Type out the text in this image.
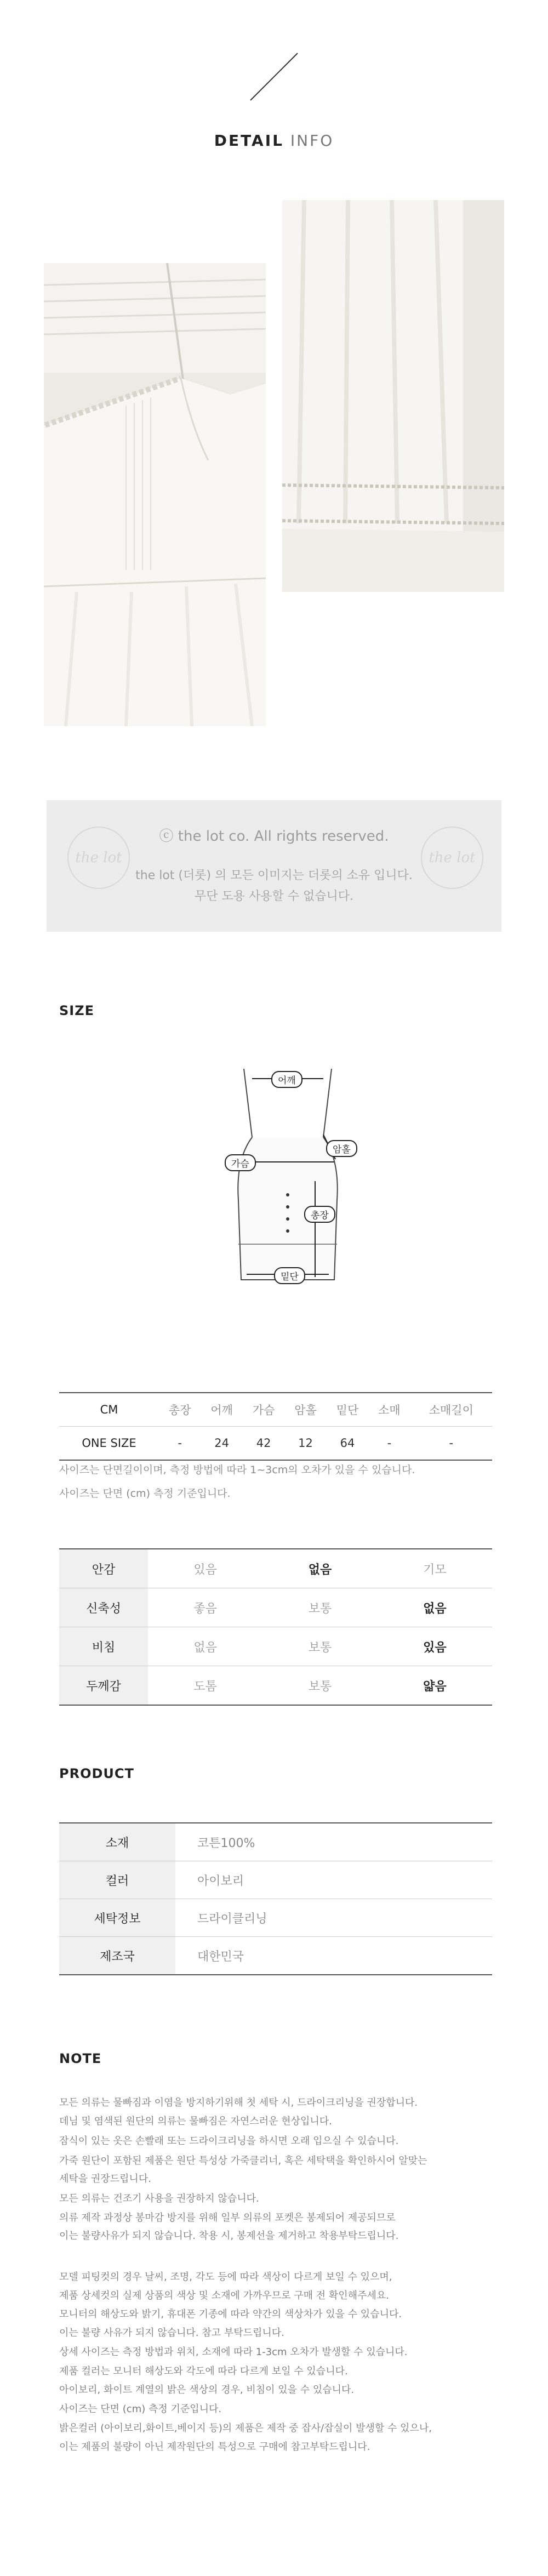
DETAIL INFO
the lot	the lot
ⓒ the lot co. All rights reserved.
the lot (더롯) 의 모든 이미지는 더롯의 소유 입니다.
무단 도용 사용할 수 없습니다.
SIZE
어깨
가슴
암홀
총장
밑단
CM	총장	어깨	가슴	암홀	밑단	소매	소매길이
ONE SIZE	-	24	42	12	64	-	-
사이즈는 단면길이이며, 측정 방법에 따라 1~3cm의 오차가 있을 수 있습니다.
사이즈는 단면 (cm) 측정 기준입니다.
안감	있음	없음	기모
신축성	좋음	보통	없음
비침	없음	보통	있음
두께감	도톰	보통	얇음
PRODUCT
소재	코튼100%
컬러	아이보리
세탁정보	드라이클리닝
제조국	대한민국
NOTE
모든 의류는 물빠짐과 이염을 방지하기위해 첫 세탁 시, 드라이크리닝을 권장합니다.
데님 및 염색된 원단의 의류는 물빠짐은 자연스러운 현상입니다.
잠식이 있는 옷은 손빨래 또는 드라이크리닝을 하시면 오래 입으실 수 있습니다.
가죽 원단이 포함된 제품은 원단 특성상 가죽클리너, 혹은 세탁택을 확인하시어 알맞는
세탁을 권장드립니다.
모든 의류는 건조기 사용을 권장하지 않습니다.
의류 제작 과정상 봉마감 방지를 위해 일부 의류의 포켓은 봉제되어 제공되므로
이는 불량사유가 되지 않습니다. 착용 시, 봉제선을 제거하고 착용부탁드립니다.
모델 피팅컷의 경우 날씨, 조명, 각도 등에 따라 색상이 다르게 보일 수 있으며,
제품 상세컷의 실제 상품의 색상 및 소재에 가까우므로 구매 전 확인해주세요.
모니터의 해상도와 밝기, 휴대폰 기종에 따라 약간의 색상차가 있을 수 있습니다.
이는 불량 사유가 되지 않습니다. 참고 부탁드립니다.
상세 사이즈는 측정 방법과 위치, 소재에 따라 1-3cm 오차가 발생할 수 있습니다.
제품 컬러는 모니터 해상도와 각도에 따라 다르게 보일 수 있습니다.
아이보리, 화이트 계열의 밝은 색상의 경우, 비침이 있을 수 있습니다.
사이즈는 단면 (cm) 측정 기준입니다.
밝은컬러 (아이보리,화이트,베이지 등)의 제품은 제작 중 잡사/잡실이 발생할 수 있으나,
이는 제품의 불량이 아닌 제작원단의 특성으로 구매에 참고부탁드립니다.
